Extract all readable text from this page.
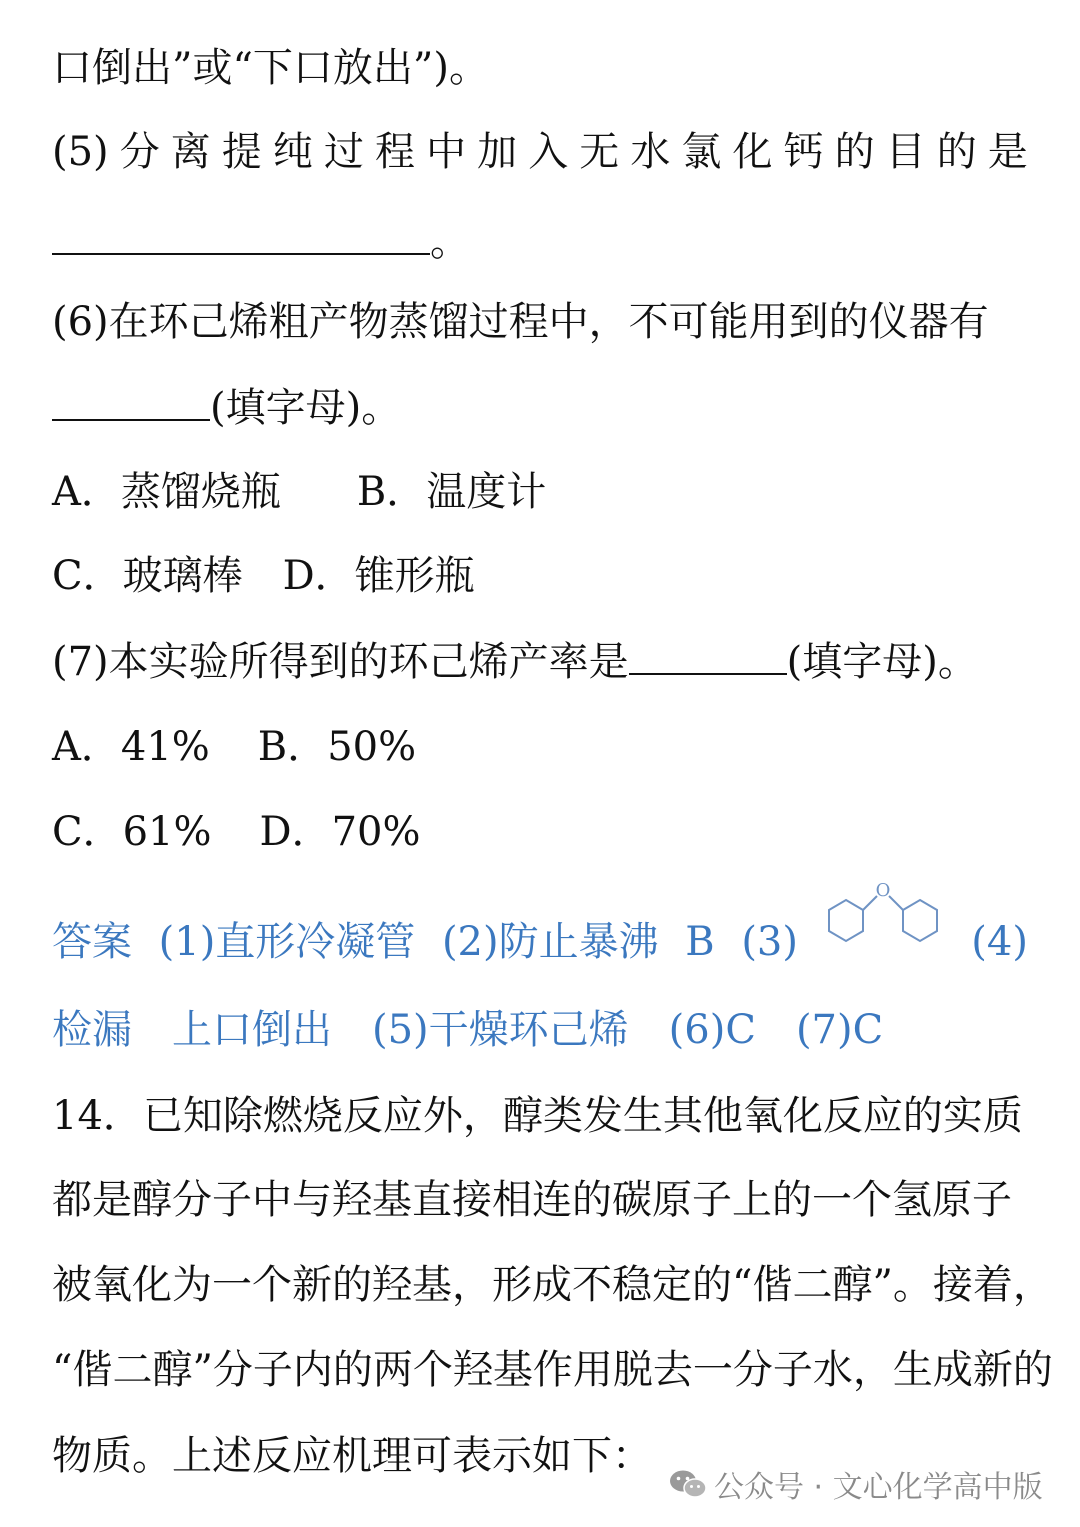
口倒出”或“下口放出”)。
(5) 分 离 提 纯 过 程 中 加 入 无 水 氯 化 钙 的 目 的 是
。
(6)在环己烯粗产物蒸馏过程中，不可能用到的仪器有
(填字母)。
A．蒸馏烧瓶 B．温度计
C．玻璃棒 D．锥形瓶
(7)本实验所得到的环己烯产率是	(填字母)。
A．41% B．50%
C．61% D．70%
答案 (1)直形冷凝管 (2)防止暴沸 B (3)	(4)
O
检漏 上口倒出 (5)干燥环己烯 (6)C (7)C
14．已知除燃烧反应外，醇类发生其他氧化反应的实质
都是醇分子中与羟基直接相连的碳原子上的一个氢原子
被氧化为一个新的羟基，形成不稳定的“偕二醇”。接着，
“偕二醇”分子内的两个羟基作用脱去一分子水，生成新的
物质。上述反应机理可表示如下：
公众号 · 文心化学高中版
